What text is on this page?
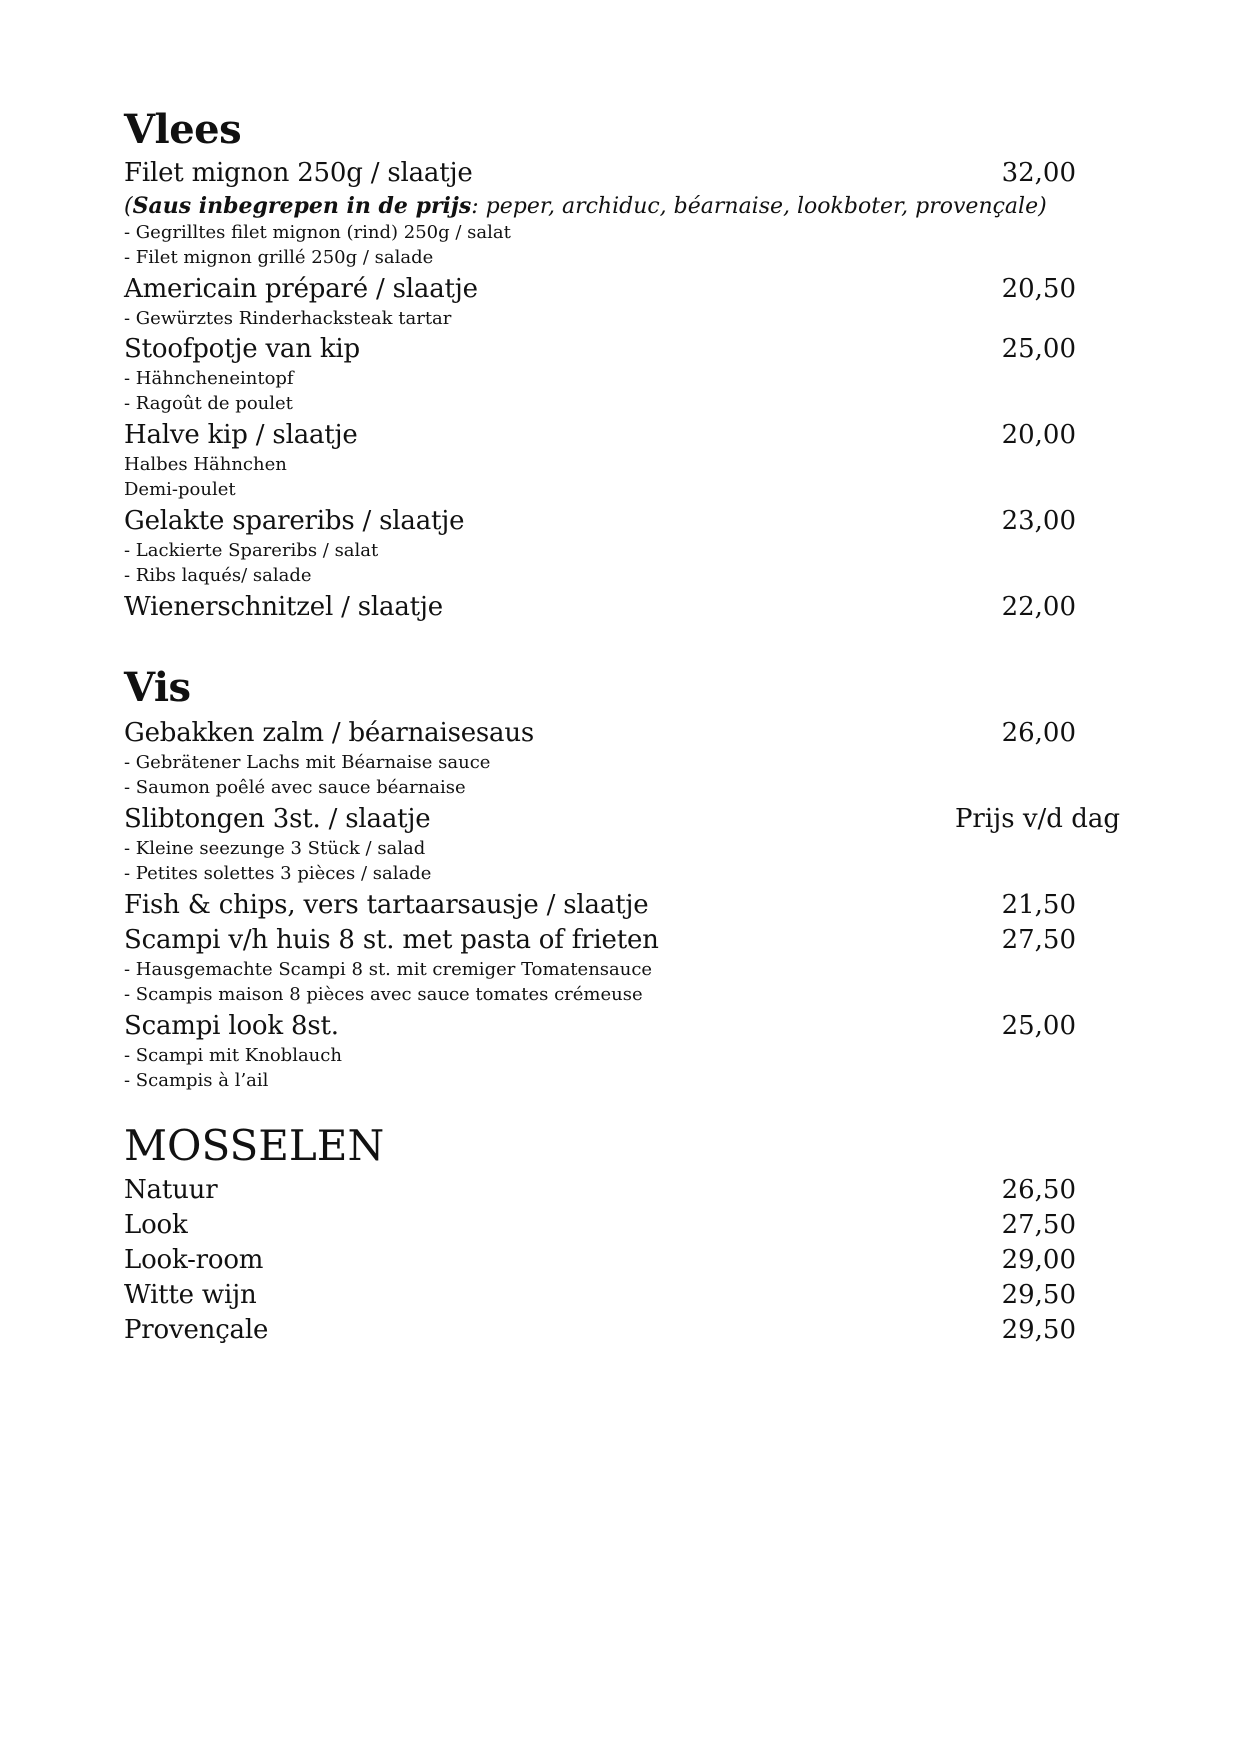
Vlees
Filet mignon 250g / slaatje	32,00
(Saus inbegrepen in de prijs: peper, archiduc, béarnaise, lookboter, provençale)

- Gegrilltes filet mignon (rind) 250g / salat

- Filet mignon grillé 250g / salade

Americain préparé / slaatje	20,50

- Gewürztes Rinderhacksteak tartar

Stoofpotje van kip	25,00

- Hähncheneintopf

- Ragoût de poulet

Halve kip / slaatje	20,00

Halbes Hähnchen

Demi-poulet

Gelakte spareribs / slaatje	23,00

- Lackierte Spareribs / salat

- Ribs laqués/ salade

Wienerschnitzel / slaatje	22,00
Vis
Gebakken zalm / béarnaisesaus	26,00

- Gebrätener Lachs mit Béarnaise sauce

- Saumon poêlé avec sauce béarnaise

Slibtongen 3st. / slaatje	Prijs v/d dag

- Kleine seezunge 3 Stück / salad

- Petites solettes 3 pièces / salade

Fish & chips, vers tartaarsausje / slaatje	21,50
Scampi v/h huis 8 st. met pasta of frieten	27,50

- Hausgemachte Scampi 8 st. mit cremiger Tomatensauce

- Scampis maison 8 pièces avec sauce tomates crémeuse

Scampi look 8st.	25,00

- Scampi mit Knoblauch

- Scampis à l’ail

MOSSELEN
Natuur	26,50
Look	27,50
Look-room	29,00
Witte wijn	29,50
Provençale	29,50
